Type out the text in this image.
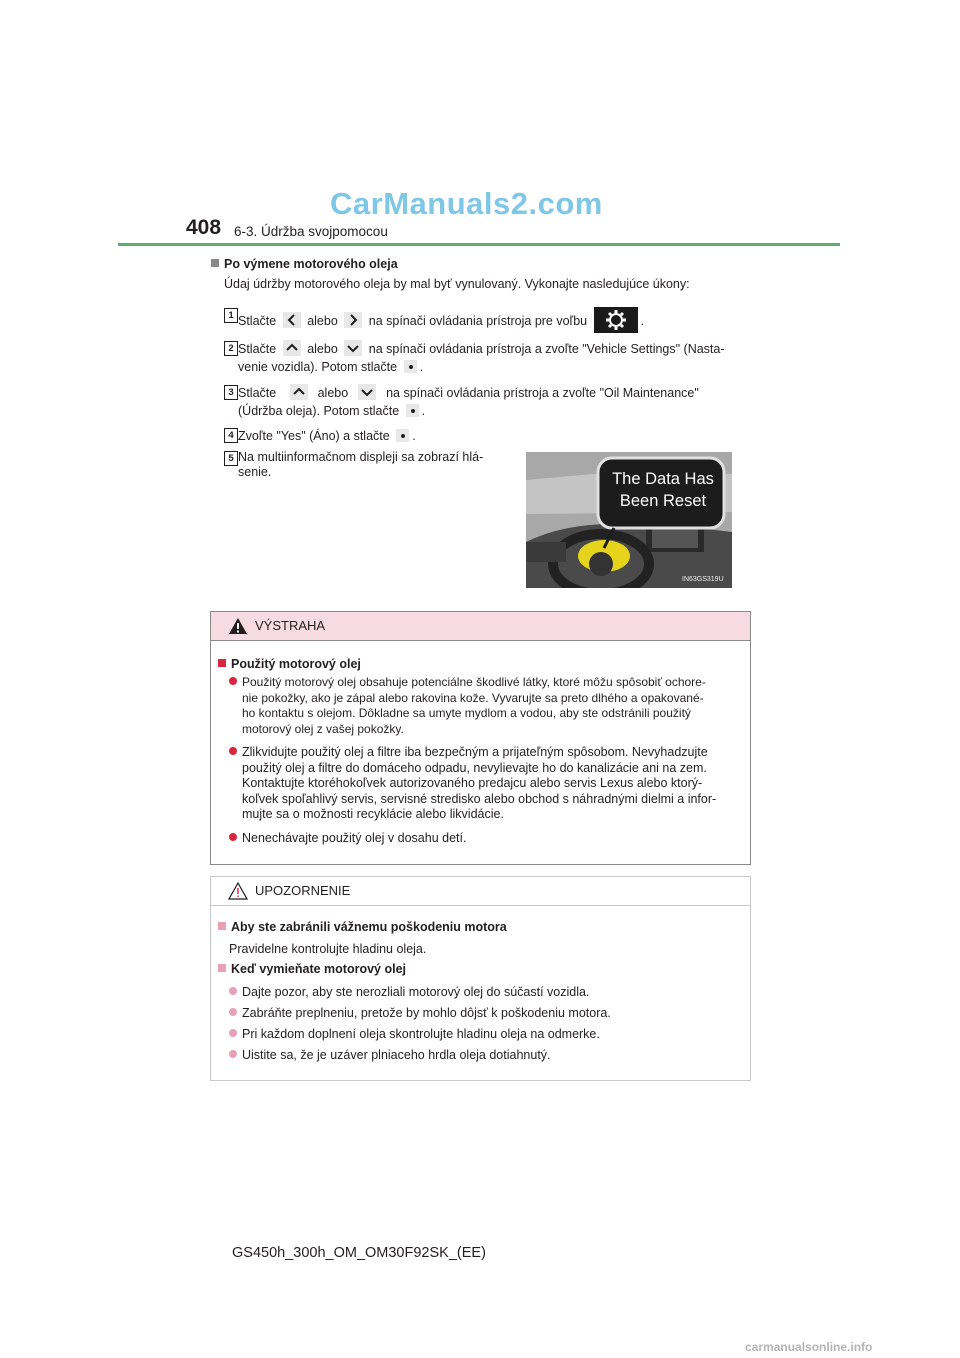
CarManuals2.com
408 6-3. Údržba svojpomocou
Po výmene motorového oleja
Údaj údržby motorového oleja by mal byť vynulovaný. Vykonajte nasledujúce úkony:
1 Stlačte alebo na spínači ovládania prístroja pre voľbu	.
2 Stlačte alebo na spínači ovládania prístroja a zvoľte "Vehicle Settings" (Nasta-
venie vozidla). Potom stlačte .
3 Stlačte	alebo	na spínači ovládania prístroja a zvoľte "Oil Maintenance"
(Údržba oleja). Potom stlačte .
4 Zvoľte "Yes" (Áno) a stlačte .
5 Na multiinformačnom displeji sa zobrazí hlá-
senie.	The Data Has
Been Reset
IN63GS319U
VÝSTRAHA
Použitý motorový olej
Použitý motorový olej obsahuje potenciálne škodlivé látky, ktoré môžu spôsobiť ochore-
nie pokožky, ako je zápal alebo rakovina kože. Vyvarujte sa preto dlhého a opakované-
ho kontaktu s olejom. Dôkladne sa umyte mydlom a vodou, aby ste odstránili použitý
motorový olej z vašej pokožky.
Zlikvidujte použitý olej a filtre iba bezpečným a prijateľným spôsobom. Nevyhadzujte
použitý olej a filtre do domáceho odpadu, nevylievajte ho do kanalizácie ani na zem.
Kontaktujte ktoréhokoľvek autorizovaného predajcu alebo servis Lexus alebo ktorý-
koľvek spoľahlivý servis, servisné stredisko alebo obchod s náhradnými dielmi a infor-
mujte sa o možnosti recyklácie alebo likvidácie.
Nenechávajte použitý olej v dosahu detí.
UPOZORNENIE
Aby ste zabránili vážnemu poškodeniu motora
Pravidelne kontrolujte hladinu oleja.
Keď vymieňate motorový olej
Dajte pozor, aby ste nerozliali motorový olej do súčastí vozidla.
Zabráňte preplneniu, pretože by mohlo dôjsť k poškodeniu motora.
Pri každom doplnení oleja skontrolujte hladinu oleja na odmerke.
Uistite sa, že je uzáver plniaceho hrdla oleja dotiahnutý.
GS450h_300h_OM_OM30F92SK_(EE)
carmanualsonline.info
